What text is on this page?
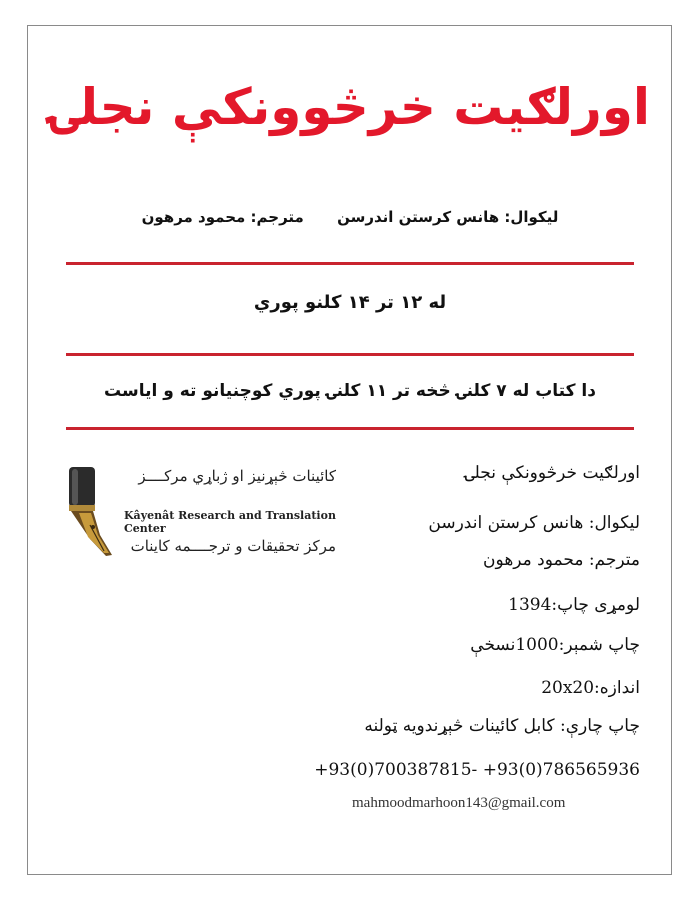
اورلګیت خرڅوونکې نجلۍ
لیکوال: هانس کرستن اندرسن مترجم: محمود مرهون
له ۱۲ تر ۱۴ کلنو پوري
دا کتاب له ۷ کلنۍ څخه تر ۱۱ کلنۍ پوري کوچنیانو ته و ایاست
کائینات څېړنیز او ژباړي مرکــــز
Kâyenât Research and Translation Center
مرکز تحقیقات و ترجــــمه کاینات
اورلګیت خرڅوونکې نجلۍ
لیکوال: هانس کرستن اندرسن
مترجم: محمود مرهون
لومړی چاپ:1394
چاپ شمېر:1000نسخې
اندازه:20x20
چاپ چارې: کابل کائینات څېړندویه ټولنه
+93(0)700387815- +93(0)786565936
mahmoodmarhoon143@gmail.com
